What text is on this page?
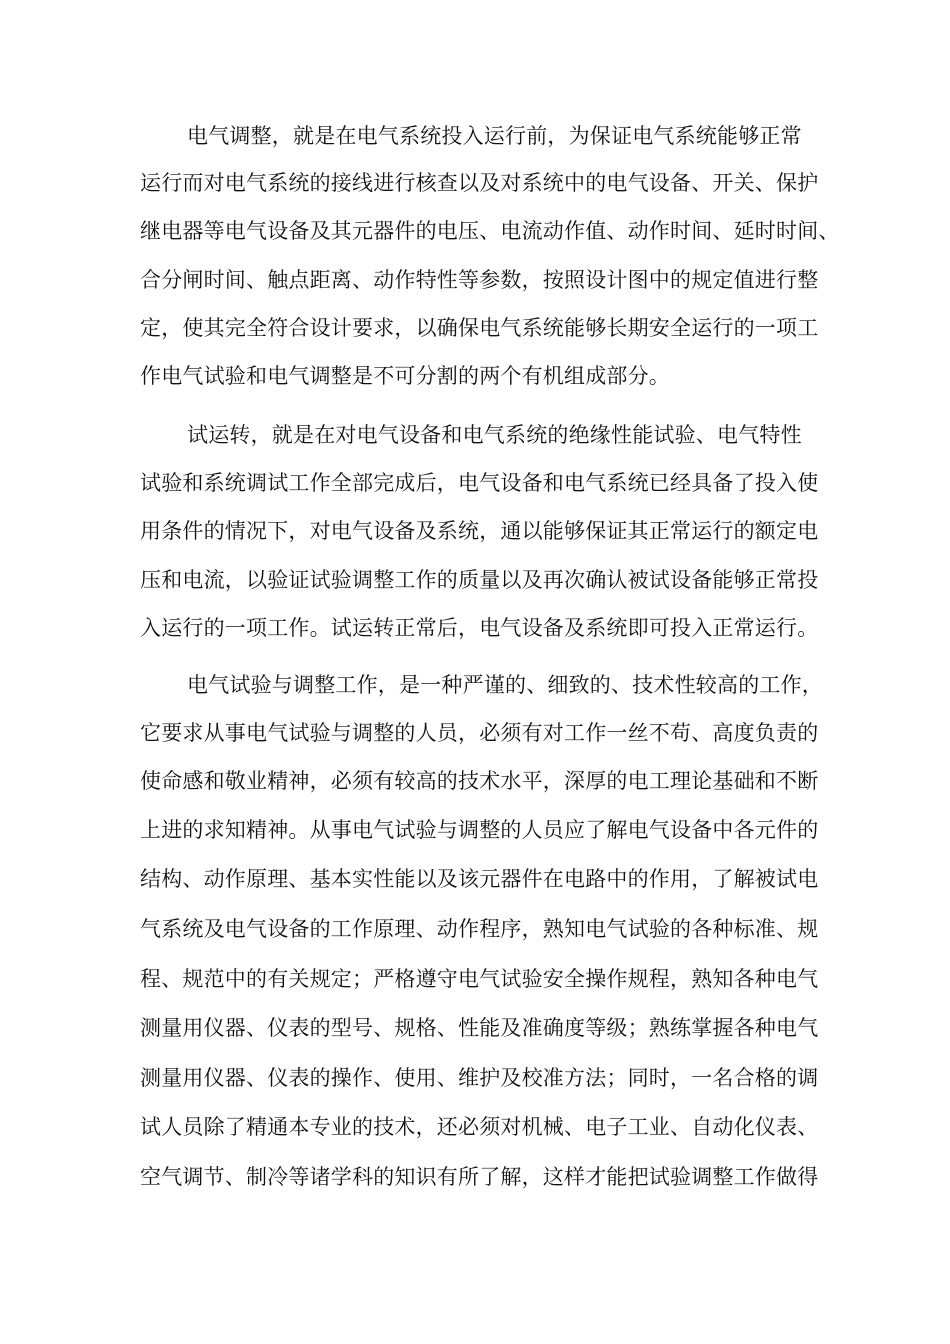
电气调整，就是在电气系统投入运行前，为保证电气系统能够正常
运行而对电气系统的接线进行核查以及对系统中的电气设备、开关、保护
继电器等电气设备及其元器件的电压、电流动作值、动作时间、延时时间、
合分闸时间、触点距离、动作特性等参数，按照设计图中的规定值进行整
定，使其完全符合设计要求，以确保电气系统能够长期安全运行的一项工
作电气试验和电气调整是不可分割的两个有机组成部分。
试运转，就是在对电气设备和电气系统的绝缘性能试验、电气特性
试验和系统调试工作全部完成后，电气设备和电气系统已经具备了投入使
用条件的情况下，对电气设备及系统，通以能够保证其正常运行的额定电
压和电流，以验证试验调整工作的质量以及再次确认被试设备能够正常投
入运行的一项工作。试运转正常后，电气设备及系统即可投入正常运行。
电气试验与调整工作，是一种严谨的、细致的、技术性较高的工作，
它要求从事电气试验与调整的人员，必须有对工作一丝不苟、高度负责的
使命感和敬业精神，必须有较高的技术水平，深厚的电工理论基础和不断
上进的求知精神。从事电气试验与调整的人员应了解电气设备中各元件的
结构、动作原理、基本实性能以及该元器件在电路中的作用，了解被试电
气系统及电气设备的工作原理、动作程序，熟知电气试验的各种标准、规
程、规范中的有关规定；严格遵守电气试验安全操作规程，熟知各种电气
测量用仪器、仪表的型号、规格、性能及准确度等级；熟练掌握各种电气
测量用仪器、仪表的操作、使用、维护及校准方法；同时，一名合格的调
试人员除了精通本专业的技术，还必须对机械、电子工业、自动化仪表、
空气调节、制冷等诸学科的知识有所了解，这样才能把试验调整工作做得
